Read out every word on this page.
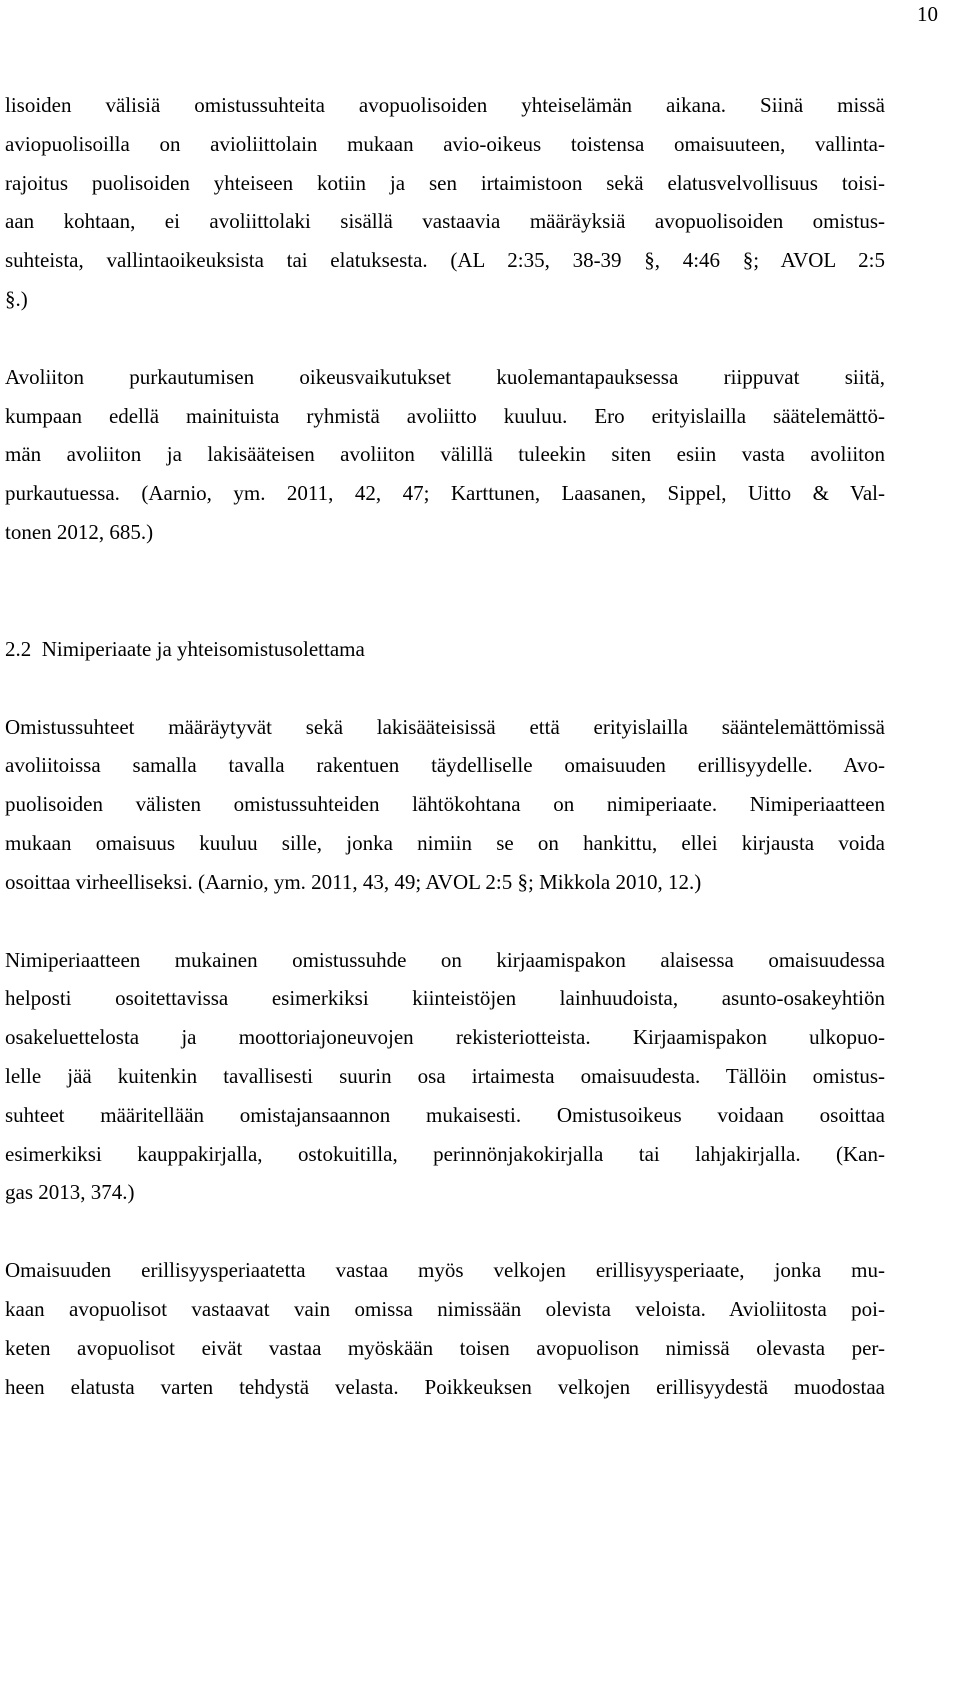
10

lisoiden välisiä omistussuhteita avopuolisoiden yhteiselämän aikana. Siinä missä
aviopuolisoilla on avioliittolain mukaan avio-oikeus toistensa omaisuuteen, vallinta-
rajoitus puolisoiden yhteiseen kotiin ja sen irtaimistoon sekä elatusvelvollisuus toisi-
aan kohtaan, ei avoliittolaki sisällä vastaavia määräyksiä avopuolisoiden omistus-
suhteista, vallintaoikeuksista tai elatuksesta. (AL 2:35, 38-39 §, 4:46 §; AVOL 2:5
§.)

Avoliiton purkautumisen oikeusvaikutukset kuolemantapauksessa riippuvat siitä,
kumpaan edellä mainituista ryhmistä avoliitto kuuluu. Ero erityislailla säätelemättö-
män avoliiton ja lakisääteisen avoliiton välillä tuleekin siten esiin vasta avoliiton
purkautuessa. (Aarnio, ym. 2011, 42, 47; Karttunen, Laasanen, Sippel, Uitto & Val-
tonen 2012, 685.)

2.2  Nimiperiaate ja yhteisomistusolettama

Omistussuhteet määräytyvät sekä lakisääteisissä että erityislailla sääntelemättömissä
avoliitoissa samalla tavalla rakentuen täydelliselle omaisuuden erillisyydelle. Avo-
puolisoiden välisten omistussuhteiden lähtökohtana on nimiperiaate. Nimiperiaatteen
mukaan omaisuus kuuluu sille, jonka nimiin se on hankittu, ellei kirjausta voida
osoittaa virheelliseksi. (Aarnio, ym. 2011, 43, 49; AVOL 2:5 §; Mikkola 2010, 12.)

Nimiperiaatteen mukainen omistussuhde on kirjaamispakon alaisessa omaisuudessa
helposti osoitettavissa esimerkiksi kiinteistöjen lainhuudoista, asunto-osakeyhtiön
osakeluettelosta ja moottoriajoneuvojen rekisteriotteista. Kirjaamispakon ulkopuo-
lelle jää kuitenkin tavallisesti suurin osa irtaimesta omaisuudesta. Tällöin omistus-
suhteet määritellään omistajansaannon mukaisesti. Omistusoikeus voidaan osoittaa
esimerkiksi kauppakirjalla, ostokuitilla, perinnönjakokirjalla tai lahjakirjalla. (Kan-
gas 2013, 374.)

Omaisuuden erillisyysperiaatetta vastaa myös velkojen erillisyysperiaate, jonka mu-
kaan avopuolisot vastaavat vain omissa nimissään olevista veloista. Avioliitosta poi-
keten avopuolisot eivät vastaa myöskään toisen avopuolison nimissä olevasta per-
heen elatusta varten tehdystä velasta. Poikkeuksen velkojen erillisyydestä muodostaa
